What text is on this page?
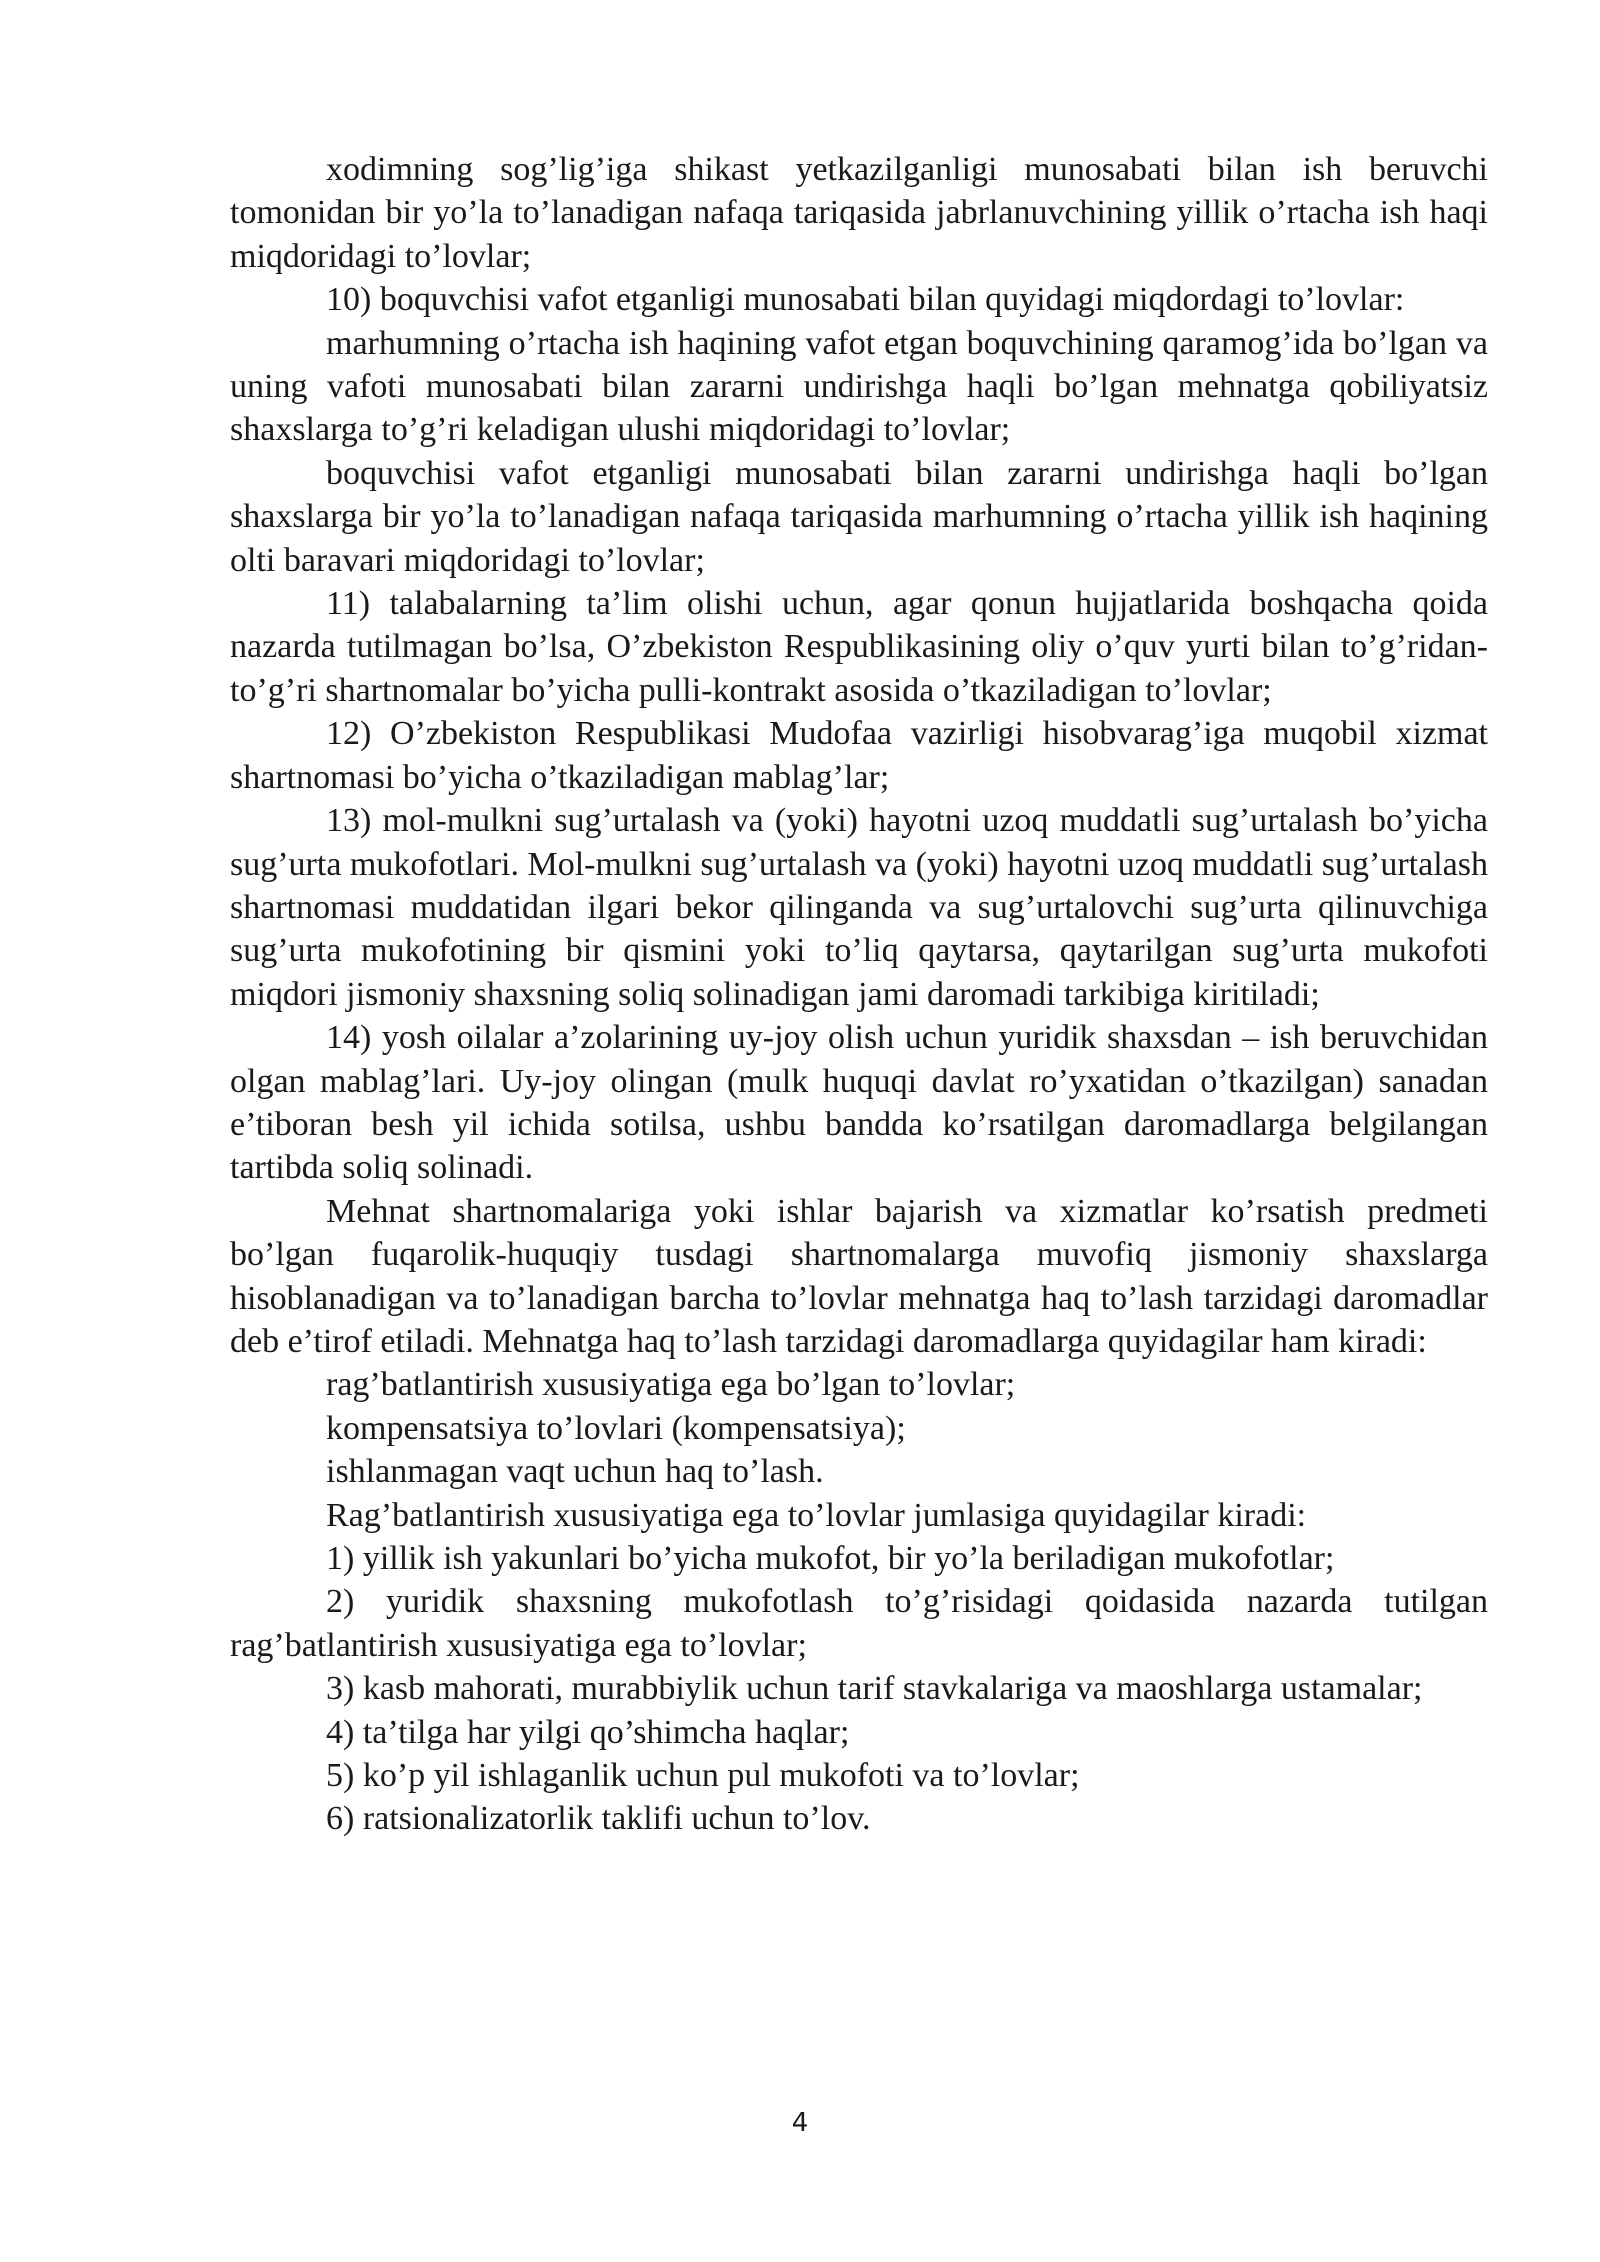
xodimning sog’lig’iga shikast yetkazilganligi munosabati bilan ish beruvchi tomonidan bir yo’la to’lanadigan nafaqa tariqasida jabrlanuvchining yillik o’rtacha ish haqi miqdoridagi to’lovlar;

10) boquvchisi vafot etganligi munosabati bilan quyidagi miqdordagi to’lovlar:

marhumning o’rtacha ish haqining vafot etgan boquvchining qaramog’ida bo’lgan va uning vafoti munosabati bilan zararni undirishga haqli bo’lgan mehnatga qobiliyatsiz shaxslarga to’g’ri keladigan ulushi miqdoridagi to’lovlar;

boquvchisi vafot etganligi munosabati bilan zararni undirishga haqli bo’lgan shaxslarga bir yo’la to’lanadigan nafaqa tariqasida marhumning o’rtacha yillik ish haqining olti baravari miqdoridagi to’lovlar;

11) talabalarning ta’lim olishi uchun, agar qonun hujjatlarida boshqacha qoida nazarda tutilmagan bo’lsa, O’zbekiston Respublikasining oliy o’quv yurti bilan to’g’ridan-to’g’ri shartnomalar bo’yicha pulli-kontrakt asosida o’tkaziladigan to’lovlar;

12) O’zbekiston Respublikasi Mudofaa vazirligi hisobvarag’iga muqobil xizmat shartnomasi bo’yicha o’tkaziladigan mablag’lar;

13) mol-mulkni sug’urtalash va (yoki) hayotni uzoq muddatli sug’urtalash bo’yicha sug’urta mukofotlari. Mol-mulkni sug’urtalash va (yoki) hayotni uzoq muddatli sug’urtalash shartnomasi muddatidan ilgari bekor qilinganda va sug’urtalovchi sug’urta qilinuvchiga sug’urta mukofotining bir qismini yoki to’liq qaytarsa, qaytarilgan sug’urta mukofoti miqdori jismoniy shaxsning soliq solinadigan jami daromadi tarkibiga kiritiladi;

14) yosh oilalar a’zolarining uy-joy olish uchun yuridik shaxsdan – ish beruvchidan olgan mablag’lari. Uy-joy olingan (mulk huquqi davlat ro’yxatidan o’tkazilgan) sanadan e’tiboran besh yil ichida sotilsa, ushbu bandda ko’rsatilgan daromadlarga belgilangan tartibda soliq solinadi.

Mehnat shartnomalariga yoki ishlar bajarish va xizmatlar ko’rsatish predmeti bo’lgan fuqarolik-huquqiy tusdagi shartnomalarga muvofiq jismoniy shaxslarga hisoblanadigan va to’lanadigan barcha to’lovlar mehnatga haq to’lash tarzidagi daromadlar deb e’tirof etiladi. Mehnatga haq to’lash tarzidagi daromadlarga quyidagilar ham kiradi:

rag’batlantirish xususiyatiga ega bo’lgan to’lovlar;

kompensatsiya to’lovlari (kompensatsiya);

ishlanmagan vaqt uchun haq to’lash.

Rag’batlantirish xususiyatiga ega to’lovlar jumlasiga quyidagilar kiradi:

1) yillik ish yakunlari bo’yicha mukofot, bir yo’la beriladigan mukofotlar;

2) yuridik shaxsning mukofotlash to’g’risidagi qoidasida nazarda tutilgan rag’batlantirish xususiyatiga ega to’lovlar;

3) kasb mahorati, murabbiylik uchun tarif stavkalariga va maoshlarga ustamalar;

4) ta’tilga har yilgi qo’shimcha haqlar;

5) ko’p yil ishlaganlik uchun pul mukofoti va to’lovlar;

6) ratsionalizatorlik taklifi uchun to’lov.

4
